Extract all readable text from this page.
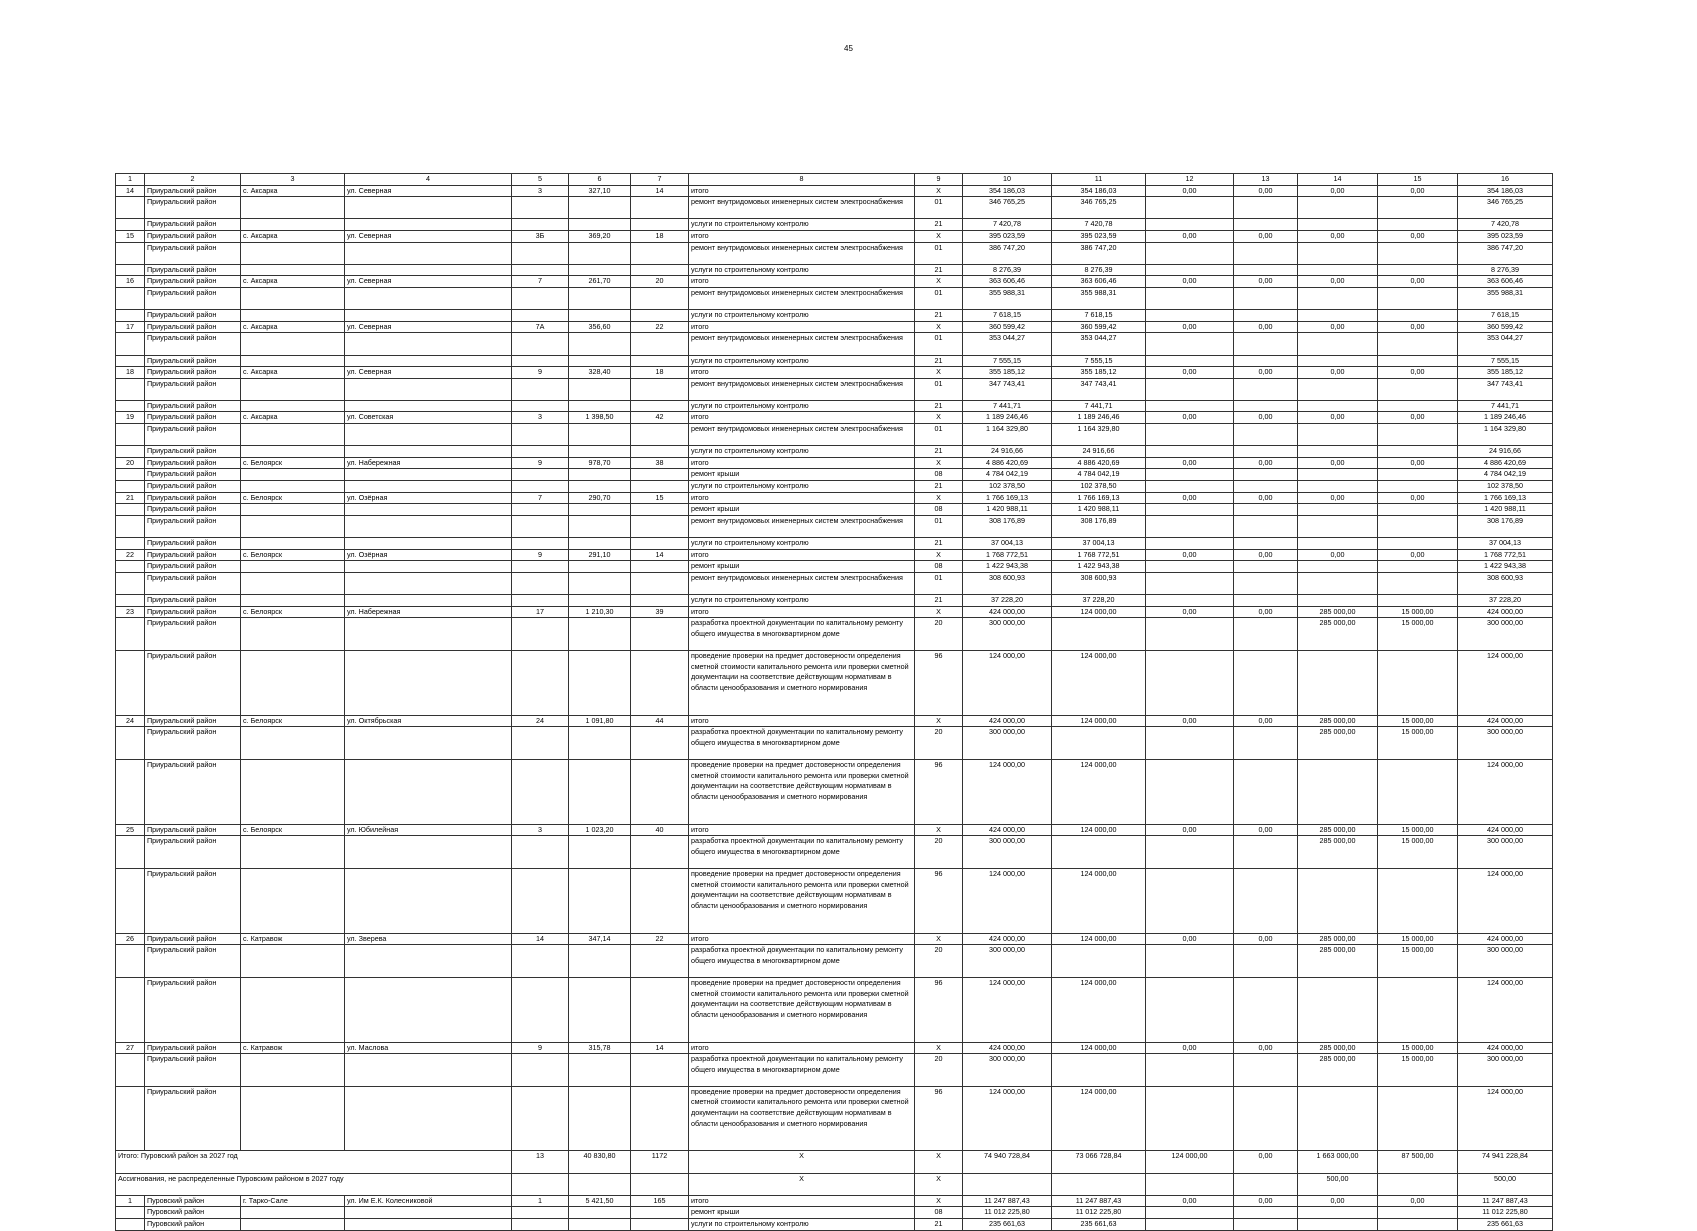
45
1	2	3	4	5	6	7	8	9	10	11	12	13	14	15	16
14	Приуральский район	с. Аксарка	ул. Северная	3	327,10	14	итого	X	354 186,03	354 186,03	0,00	0,00	0,00	0,00	354 186,03
	Приуральский район						ремонт внутридомовых инженерных систем электроснабжения	01	346 765,25	346 765,25					346 765,25
	Приуральский район						услуги по строительному контролю	21	7 420,78	7 420,78					7 420,78
15	Приуральский район	с. Аксарка	ул. Северная	3Б	369,20	18	итого	X	395 023,59	395 023,59	0,00	0,00	0,00	0,00	395 023,59
	Приуральский район						ремонт внутридомовых инженерных систем электроснабжения	01	386 747,20	386 747,20					386 747,20
	Приуральский район						услуги по строительному контролю	21	8 276,39	8 276,39					8 276,39
16	Приуральский район	с. Аксарка	ул. Северная	7	261,70	20	итого	X	363 606,46	363 606,46	0,00	0,00	0,00	0,00	363 606,46
	Приуральский район						ремонт внутридомовых инженерных систем электроснабжения	01	355 988,31	355 988,31					355 988,31
	Приуральский район						услуги по строительному контролю	21	7 618,15	7 618,15					7 618,15
17	Приуральский район	с. Аксарка	ул. Северная	7А	356,60	22	итого	X	360 599,42	360 599,42	0,00	0,00	0,00	0,00	360 599,42
	Приуральский район						ремонт внутридомовых инженерных систем электроснабжения	01	353 044,27	353 044,27					353 044,27
	Приуральский район						услуги по строительному контролю	21	7 555,15	7 555,15					7 555,15
18	Приуральский район	с. Аксарка	ул. Северная	9	328,40	18	итого	X	355 185,12	355 185,12	0,00	0,00	0,00	0,00	355 185,12
	Приуральский район						ремонт внутридомовых инженерных систем электроснабжения	01	347 743,41	347 743,41					347 743,41
	Приуральский район						услуги по строительному контролю	21	7 441,71	7 441,71					7 441,71
19	Приуральский район	с. Аксарка	ул. Советская	3	1 398,50	42	итого	X	1 189 246,46	1 189 246,46	0,00	0,00	0,00	0,00	1 189 246,46
	Приуральский район						ремонт внутридомовых инженерных систем электроснабжения	01	1 164 329,80	1 164 329,80					1 164 329,80
	Приуральский район						услуги по строительному контролю	21	24 916,66	24 916,66					24 916,66
20	Приуральский район	с. Белоярск	ул. Набережная	9	978,70	38	итого	X	4 886 420,69	4 886 420,69	0,00	0,00	0,00	0,00	4 886 420,69
	Приуральский район						ремонт крыши	08	4 784 042,19	4 784 042,19					4 784 042,19
	Приуральский район						услуги по строительному контролю	21	102 378,50	102 378,50					102 378,50
21	Приуральский район	с. Белоярск	ул. Озёрная	7	290,70	15	итого	X	1 766 169,13	1 766 169,13	0,00	0,00	0,00	0,00	1 766 169,13
	Приуральский район						ремонт крыши	08	1 420 988,11	1 420 988,11					1 420 988,11
	Приуральский район						ремонт внутридомовых инженерных систем электроснабжения	01	308 176,89	308 176,89					308 176,89
	Приуральский район						услуги по строительному контролю	21	37 004,13	37 004,13					37 004,13
22	Приуральский район	с. Белоярск	ул. Озёрная	9	291,10	14	итого	X	1 768 772,51	1 768 772,51	0,00	0,00	0,00	0,00	1 768 772,51
	Приуральский район						ремонт крыши	08	1 422 943,38	1 422 943,38					1 422 943,38
	Приуральский район						ремонт внутридомовых инженерных систем электроснабжения	01	308 600,93	308 600,93					308 600,93
	Приуральский район						услуги по строительному контролю	21	37 228,20	37 228,20					37 228,20
23	Приуральский район	с. Белоярск	ул. Набережная	17	1 210,30	39	итого	X	424 000,00	124 000,00	0,00	0,00	285 000,00	15 000,00	424 000,00
	Приуральский район						разработка проектной документации по капитальному ремонту общего имущества в многоквартирном доме	20	300 000,00				285 000,00	15 000,00	300 000,00
	Приуральский район						проведение проверки на предмет достоверности определения сметной стоимости капитального ремонта или проверки сметной документации на соответствие действующим нормативам в области ценообразования и сметного нормирования	96	124 000,00	124 000,00					124 000,00
24	Приуральский район	с. Белоярск	ул. Октябрьская	24	1 091,80	44	итого	X	424 000,00	124 000,00	0,00	0,00	285 000,00	15 000,00	424 000,00
	Приуральский район						разработка проектной документации по капитальному ремонту общего имущества в многоквартирном доме	20	300 000,00				285 000,00	15 000,00	300 000,00
	Приуральский район						проведение проверки на предмет достоверности определения сметной стоимости капитального ремонта или проверки сметной документации на соответствие действующим нормативам в области ценообразования и сметного нормирования	96	124 000,00	124 000,00					124 000,00
25	Приуральский район	с. Белоярск	ул. Юбилейная	3	1 023,20	40	итого	X	424 000,00	124 000,00	0,00	0,00	285 000,00	15 000,00	424 000,00
	Приуральский район						разработка проектной документации по капитальному ремонту общего имущества в многоквартирном доме	20	300 000,00				285 000,00	15 000,00	300 000,00
	Приуральский район						проведение проверки на предмет достоверности определения сметной стоимости капитального ремонта или проверки сметной документации на соответствие действующим нормативам в области ценообразования и сметного нормирования	96	124 000,00	124 000,00					124 000,00
26	Приуральский район	с. Катравож	ул. Зверева	14	347,14	22	итого	X	424 000,00	124 000,00	0,00	0,00	285 000,00	15 000,00	424 000,00
	Приуральский район						разработка проектной документации по капитальному ремонту общего имущества в многоквартирном доме	20	300 000,00				285 000,00	15 000,00	300 000,00
	Приуральский район						проведение проверки на предмет достоверности определения сметной стоимости капитального ремонта или проверки сметной документации на соответствие действующим нормативам в области ценообразования и сметного нормирования	96	124 000,00	124 000,00					124 000,00
27	Приуральский район	с. Катравож	ул. Маслова	9	315,78	14	итого	X	424 000,00	124 000,00	0,00	0,00	285 000,00	15 000,00	424 000,00
	Приуральский район						разработка проектной документации по капитальному ремонту общего имущества в многоквартирном доме	20	300 000,00				285 000,00	15 000,00	300 000,00
	Приуральский район						проведение проверки на предмет достоверности определения сметной стоимости капитального ремонта или проверки сметной документации на соответствие действующим нормативам в области ценообразования и сметного нормирования	96	124 000,00	124 000,00					124 000,00
Итого: Пуровский район за 2027 год				13	40 830,80	1172	X	X	74 940 728,84	73 066 728,84	124 000,00	0,00	1 663 000,00	87 500,00	74 941 228,84
Ассигнования, не распределенные Пуровским районом в 2027 году							X	X					500,00		500,00
1	Пуровский район	г. Тарко-Сале	ул. Им Е.К. Колесниковой	1	5 421,50	165	итого	X	11 247 887,43	11 247 887,43	0,00	0,00	0,00	0,00	11 247 887,43
	Пуровский район						ремонт крыши	08	11 012 225,80	11 012 225,80					11 012 225,80
	Пуровский район						услуги по строительному контролю	21	235 661,63	235 661,63					235 661,63
